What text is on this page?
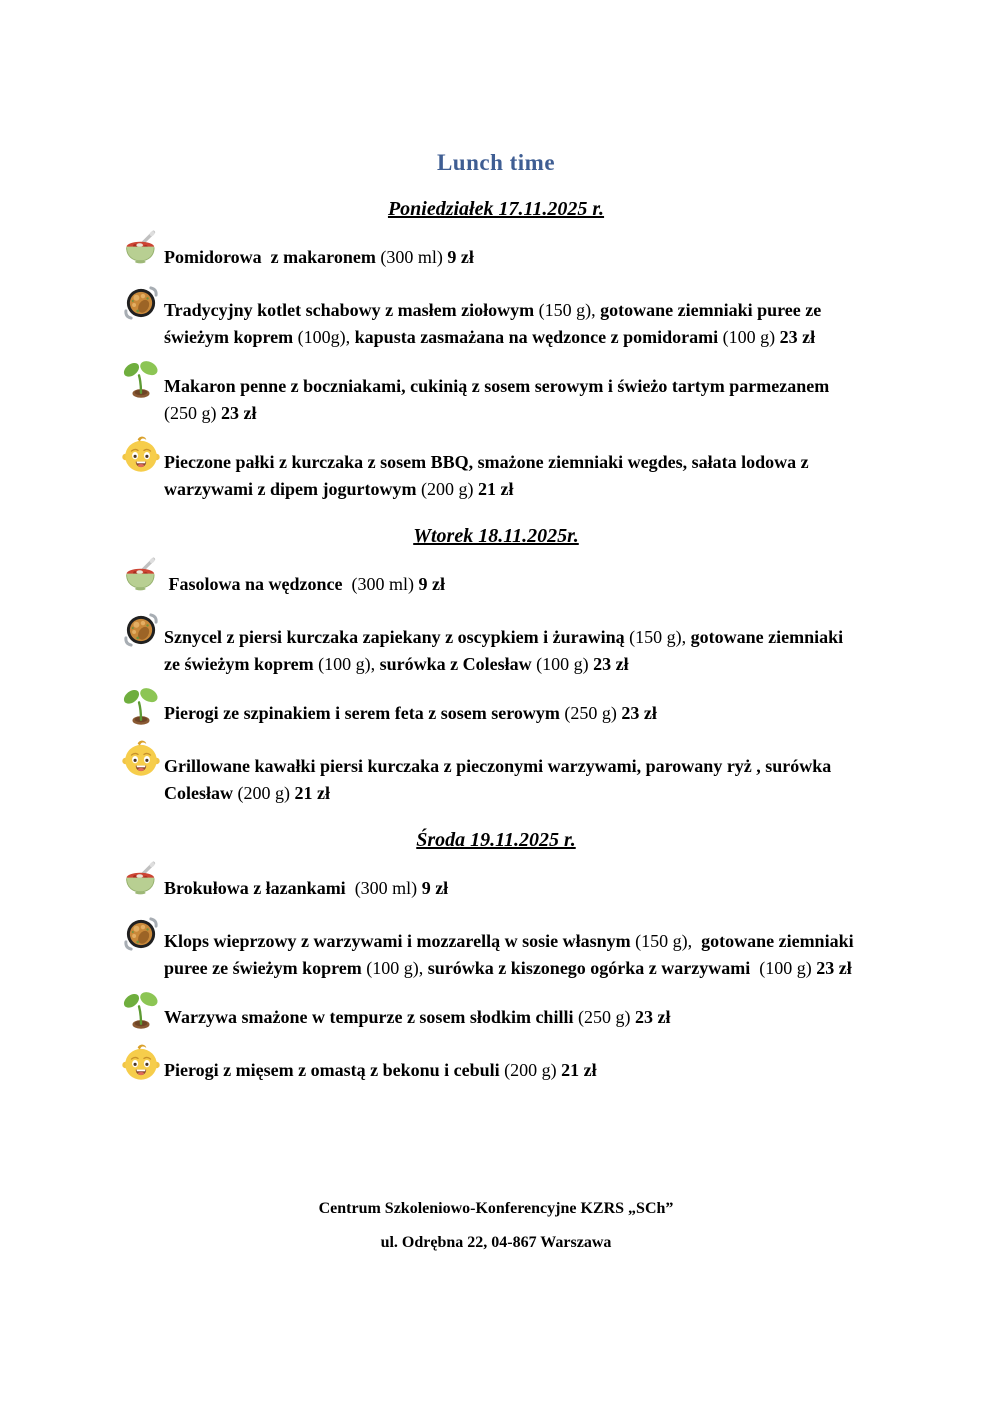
Lunch time
Poniedziałek 17.11.2025 r.

Pomidorowa  z makaronem (300 ml) 9 zł

Tradycyjny kotlet schabowy z masłem ziołowym (150 g), gotowane ziemniaki puree ze świeżym koprem (100g), kapusta zasmażana na wędzonce z pomidorami (100 g) 23 zł

Makaron penne z boczniakami, cukinią z sosem serowym i świeżo tartym parmezanem (250 g) 23 zł

Pieczone pałki z kurczaka z sosem BBQ, smażone ziemniaki wegdes, sałata lodowa z warzywami z dipem jogurtowym (200 g) 21 zł

Wtorek 18.11.2025r.

Fasolowa na wędzonce  (300 ml) 9 zł

Sznycel z piersi kurczaka zapiekany z oscypkiem i żurawiną (150 g), gotowane ziemniaki  ze świeżym koprem (100 g), surówka z Colesław (100 g) 23 zł

Pierogi ze szpinakiem i serem feta z sosem serowym (250 g) 23 zł

Grillowane kawałki piersi kurczaka z pieczonymi warzywami, parowany ryż , surówka Colesław (200 g) 21 zł

Środa 19.11.2025 r.

Brokułowa z łazankami  (300 ml) 9 zł

Klops wieprzowy z warzywami i mozzarellą w sosie własnym (150 g),  gotowane ziemniaki puree ze świeżym koprem (100 g), surówka z kiszonego ogórka z warzywami  (100 g) 23 zł

Warzywa smażone w tempurze z sosem słodkim chilli (250 g) 23 zł

Pierogi z mięsem z omastą z bekonu i cebuli (200 g) 21 zł

Centrum Szkoleniowo-Konferencyjne KZRS „SCh”

ul. Odrębna 22, 04-867 Warszawa
